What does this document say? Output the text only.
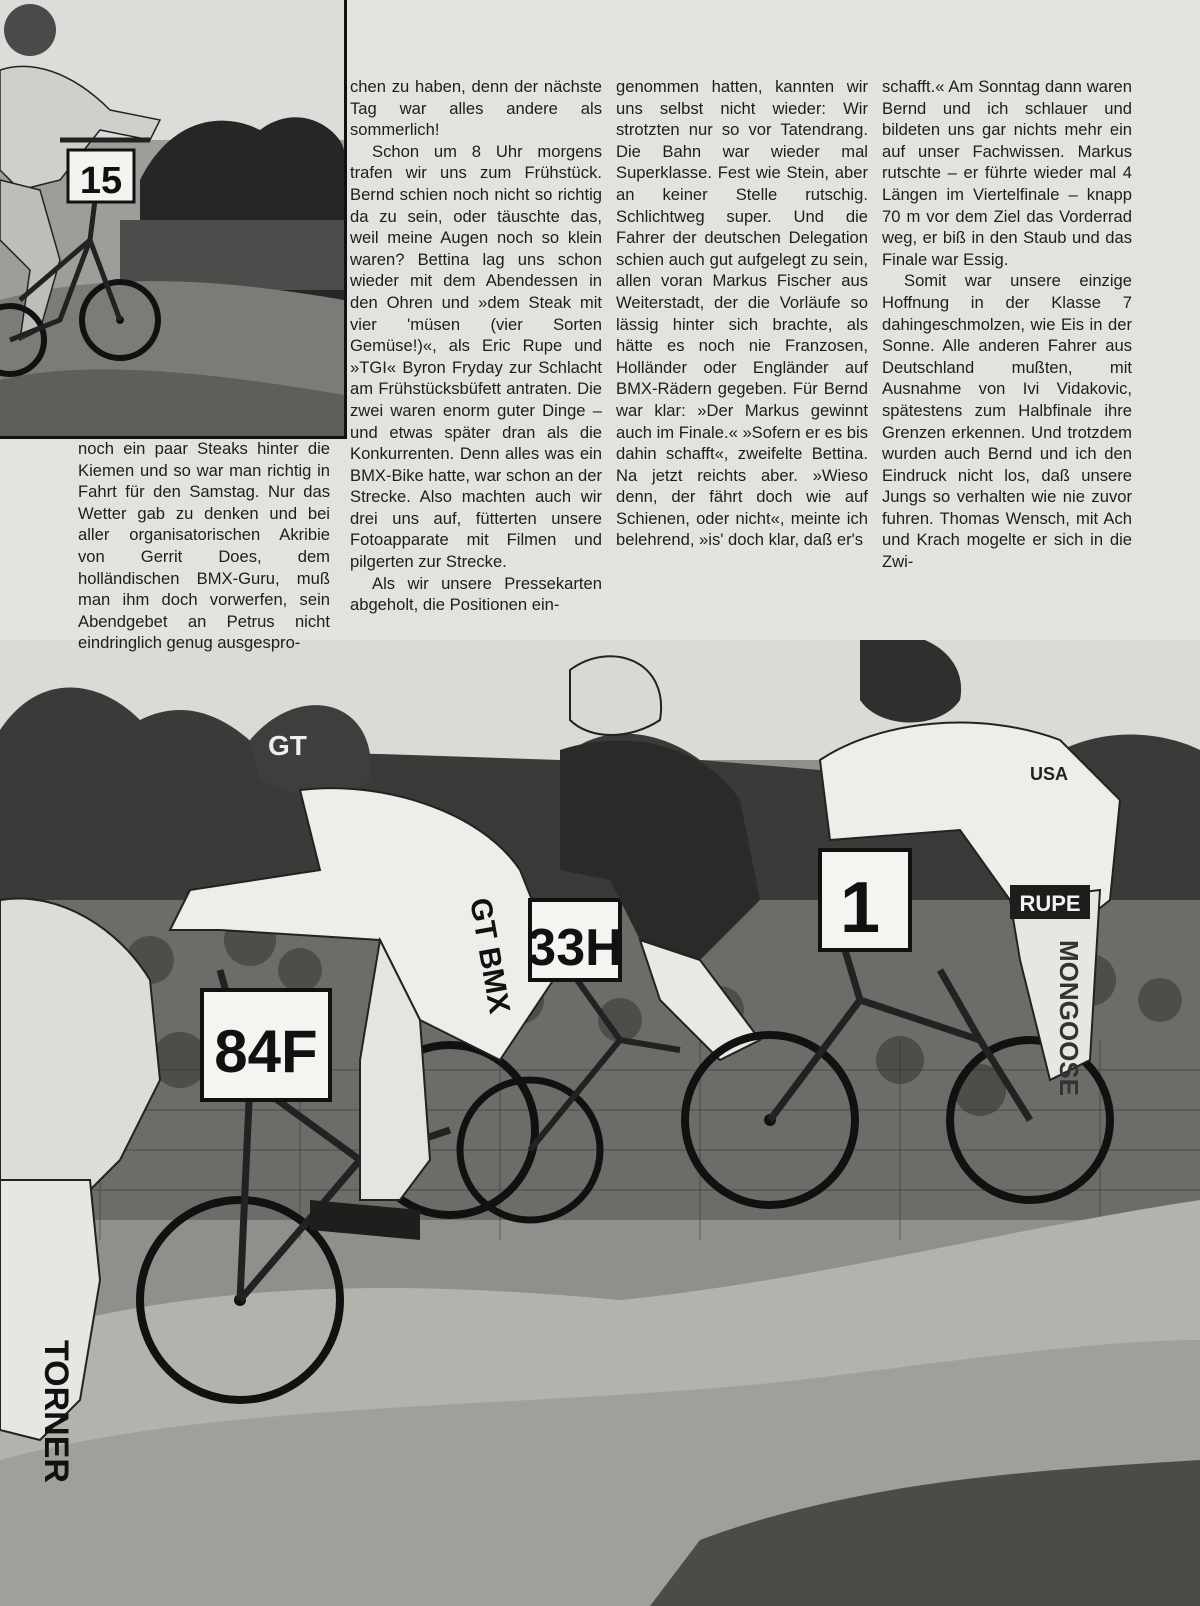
15
TORNER
84F
GT
GT BMX 33H	1	RUPE
USA
MONGOOSE

noch ein paar Steaks hinter die Kiemen und so war man richtig in Fahrt für den Samstag. Nur das Wetter gab zu denken und bei aller organisatorischen Akribie von Gerrit Does, dem holländischen BMX-Guru, muß man ihm doch vorwerfen, sein Abendgebet an Petrus nicht eindringlich genug ausgespro-

chen zu haben, denn der nächste Tag war alles andere als sommerlich!

Schon um 8 Uhr morgens trafen wir uns zum Frühstück. Bernd schien noch nicht so richtig da zu sein, oder täuschte das, weil meine Augen noch so klein waren? Bettina lag uns schon wieder mit dem Abendessen in den Ohren und »dem Steak mit vier 'müsen (vier Sorten Gemüse!)«, als Eric Rupe und »TGI« Byron Fryday zur Schlacht am Frühstücksbüfett antraten. Die zwei waren enorm guter Dinge – und etwas später dran als die Konkurrenten. Denn alles was ein BMX-Bike hatte, war schon an der Strecke. Also machten auch wir drei uns auf, fütterten unsere Fotoapparate mit Filmen und pilgerten zur Strecke.

Als wir unsere Pressekarten abgeholt, die Positionen ein-

genommen hatten, kannten wir uns selbst nicht wieder: Wir strotzten nur so vor Tatendrang. Die Bahn war wieder mal Superklasse. Fest wie Stein, aber an keiner Stelle rutschig. Schlichtweg super. Und die Fahrer der deutschen Delegation schien auch gut aufgelegt zu sein, allen voran Markus Fischer aus Weiterstadt, der die Vorläufe so lässig hinter sich brachte, als hätte es noch nie Franzosen, Holländer oder Engländer auf BMX-Rädern gegeben. Für Bernd war klar: »Der Markus gewinnt auch im Finale.« »Sofern er es bis dahin schafft«, zweifelte Bettina. Na jetzt reichts aber. »Wieso denn, der fährt doch wie auf Schienen, oder nicht«, meinte ich belehrend, »is' doch klar, daß er's

schafft.« Am Sonntag dann waren Bernd und ich schlauer und bildeten uns gar nichts mehr ein auf unser Fachwissen. Markus rutschte – er führte wieder mal 4 Längen im Viertelfinale – knapp 70 m vor dem Ziel das Vorderrad weg, er biß in den Staub und das Finale war Essig.

Somit war unsere einzige Hoffnung in der Klasse 7 dahingeschmolzen, wie Eis in der Sonne. Alle anderen Fahrer aus Deutschland mußten, mit Ausnahme von Ivi Vidakovic, spätestens zum Halbfinale ihre Grenzen erkennen. Und trotzdem wurden auch Bernd und ich den Eindruck nicht los, daß unsere Jungs so verhalten wie nie zuvor fuhren. Thomas Wensch, mit Ach und Krach mogelte er sich in die Zwi-
